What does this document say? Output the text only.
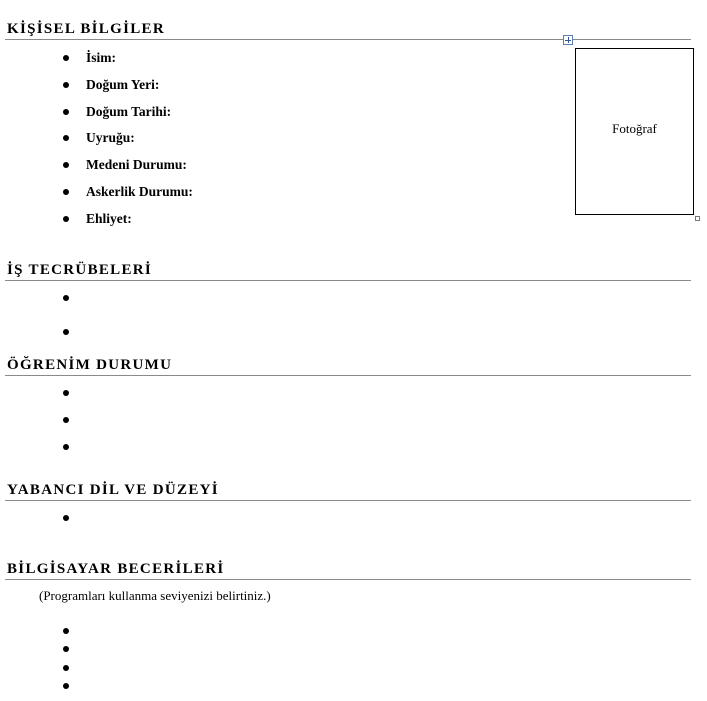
KİŞİSEL BİLGİLER
İsim:
Doğum Yeri:
Doğum Tarihi:
Uyruğu:
Medeni Durumu:
Askerlik Durumu:
Ehliyet:
Fotoğraf
İŞ TECRÜBELERİ
ÖĞRENİM DURUMU
YABANCI DİL VE DÜZEYİ
BİLGİSAYAR BECERİLERİ
(Programları kullanma seviyenizi belirtiniz.)
